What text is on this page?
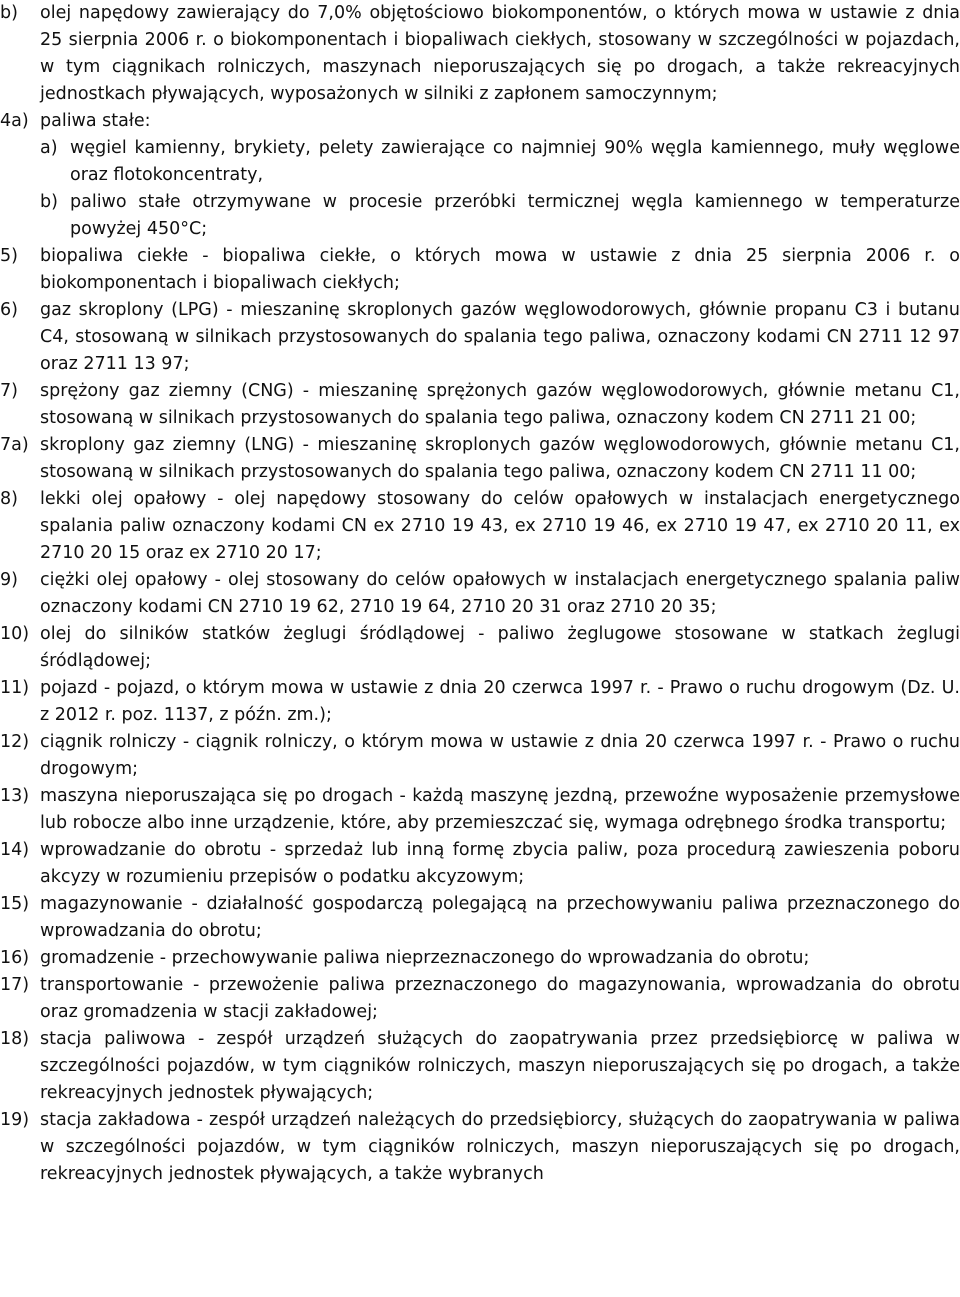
b) olej napędowy zawierający do 7,0% objętościowo biokomponentów, o których mowa w ustawie z dnia 25 sierpnia 2006 r. o biokomponentach i biopaliwach ciekłych, stosowany w szczególności w pojazdach, w tym ciągnikach rolniczych, maszynach nieporuszających się po drogach, a także rekreacyjnych jednostkach pływających, wyposażonych w silniki z zapłonem samoczynnym;
4a) paliwa stałe:
a) węgiel kamienny, brykiety, pelety zawierające co najmniej 90% węgla kamiennego, muły węglowe oraz flotokoncentraty,
b) paliwo stałe otrzymywane w procesie przeróbki termicznej węgla kamiennego w temperaturze powyżej 450°C;
5) biopaliwa ciekłe - biopaliwa ciekłe, o których mowa w ustawie z dnia 25 sierpnia 2006 r. o biokomponentach i biopaliwach ciekłych;
6) gaz skroplony (LPG) - mieszaninę skroplonych gazów węglowodorowych, głównie propanu C3 i butanu C4, stosowaną w silnikach przystosowanych do spalania tego paliwa, oznaczony kodami CN 2711 12 97 oraz 2711 13 97;
7) sprężony gaz ziemny (CNG) - mieszaninę sprężonych gazów węglowodorowych, głównie metanu C1, stosowaną w silnikach przystosowanych do spalania tego paliwa, oznaczony kodem CN 2711 21 00;
7a) skroplony gaz ziemny (LNG) - mieszaninę skroplonych gazów węglowodorowych, głównie metanu C1, stosowaną w silnikach przystosowanych do spalania tego paliwa, oznaczony kodem CN 2711 11 00;
8) lekki olej opałowy - olej napędowy stosowany do celów opałowych w instalacjach energetycznego spalania paliw oznaczony kodami CN ex 2710 19 43, ex 2710 19 46, ex 2710 19 47, ex 2710 20 11, ex 2710 20 15 oraz ex 2710 20 17;
9) ciężki olej opałowy - olej stosowany do celów opałowych w instalacjach energetycznego spalania paliw oznaczony kodami CN 2710 19 62, 2710 19 64, 2710 20 31 oraz 2710 20 35;
10) olej do silników statków żeglugi śródlądowej - paliwo żeglugowe stosowane w statkach żeglugi śródlądowej;
11) pojazd - pojazd, o którym mowa w ustawie z dnia 20 czerwca 1997 r. - Prawo o ruchu drogowym (Dz. U. z 2012 r. poz. 1137, z późn. zm.);
12) ciągnik rolniczy - ciągnik rolniczy, o którym mowa w ustawie z dnia 20 czerwca 1997 r. - Prawo o ruchu drogowym;
13) maszyna nieporuszająca się po drogach - każdą maszynę jezdną, przewoźne wyposażenie przemysłowe lub robocze albo inne urządzenie, które, aby przemieszczać się, wymaga odrębnego środka transportu;
14) wprowadzanie do obrotu - sprzedaż lub inną formę zbycia paliw, poza procedurą zawieszenia poboru akcyzy w rozumieniu przepisów o podatku akcyzowym;
15) magazynowanie - działalność gospodarczą polegającą na przechowywaniu paliwa przeznaczonego do wprowadzania do obrotu;
16) gromadzenie - przechowywanie paliwa nieprzeznaczonego do wprowadzania do obrotu;
17) transportowanie - przewożenie paliwa przeznaczonego do magazynowania, wprowadzania do obrotu oraz gromadzenia w stacji zakładowej;
18) stacja paliwowa - zespół urządzeń służących do zaopatrywania przez przedsiębiorcę w paliwa w szczególności pojazdów, w tym ciągników rolniczych, maszyn nieporuszających się po drogach, a także rekreacyjnych jednostek pływających;
19) stacja zakładowa - zespół urządzeń należących do przedsiębiorcy, służących do zaopatrywania w paliwa w szczególności pojazdów, w tym ciągników rolniczych, maszyn nieporuszających się po drogach, rekreacyjnych jednostek pływających, a także wybranych
